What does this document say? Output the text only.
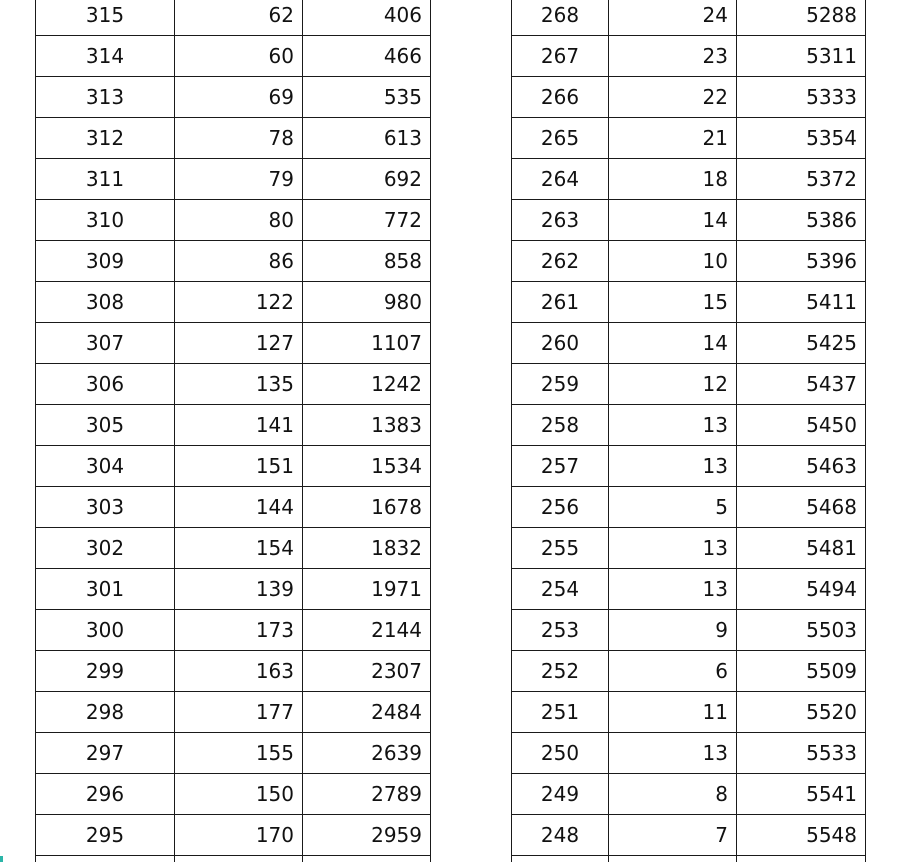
315	62	406
314	60	466
313	69	535
312	78	613
311	79	692
310	80	772
309	86	858
308	122	980
307	127	1107
306	135	1242
305	141	1383
304	151	1534
303	144	1678
302	154	1832
301	139	1971
300	173	2144
299	163	2307
298	177	2484
297	155	2639
296	150	2789
295	170	2959

268	24	5288
267	23	5311
266	22	5333
265	21	5354
264	18	5372
263	14	5386
262	10	5396
261	15	5411
260	14	5425
259	12	5437
258	13	5450
257	13	5463
256	5	5468
255	13	5481
254	13	5494
253	9	5503
252	6	5509
251	11	5520
250	13	5533
249	8	5541
248	7	5548
